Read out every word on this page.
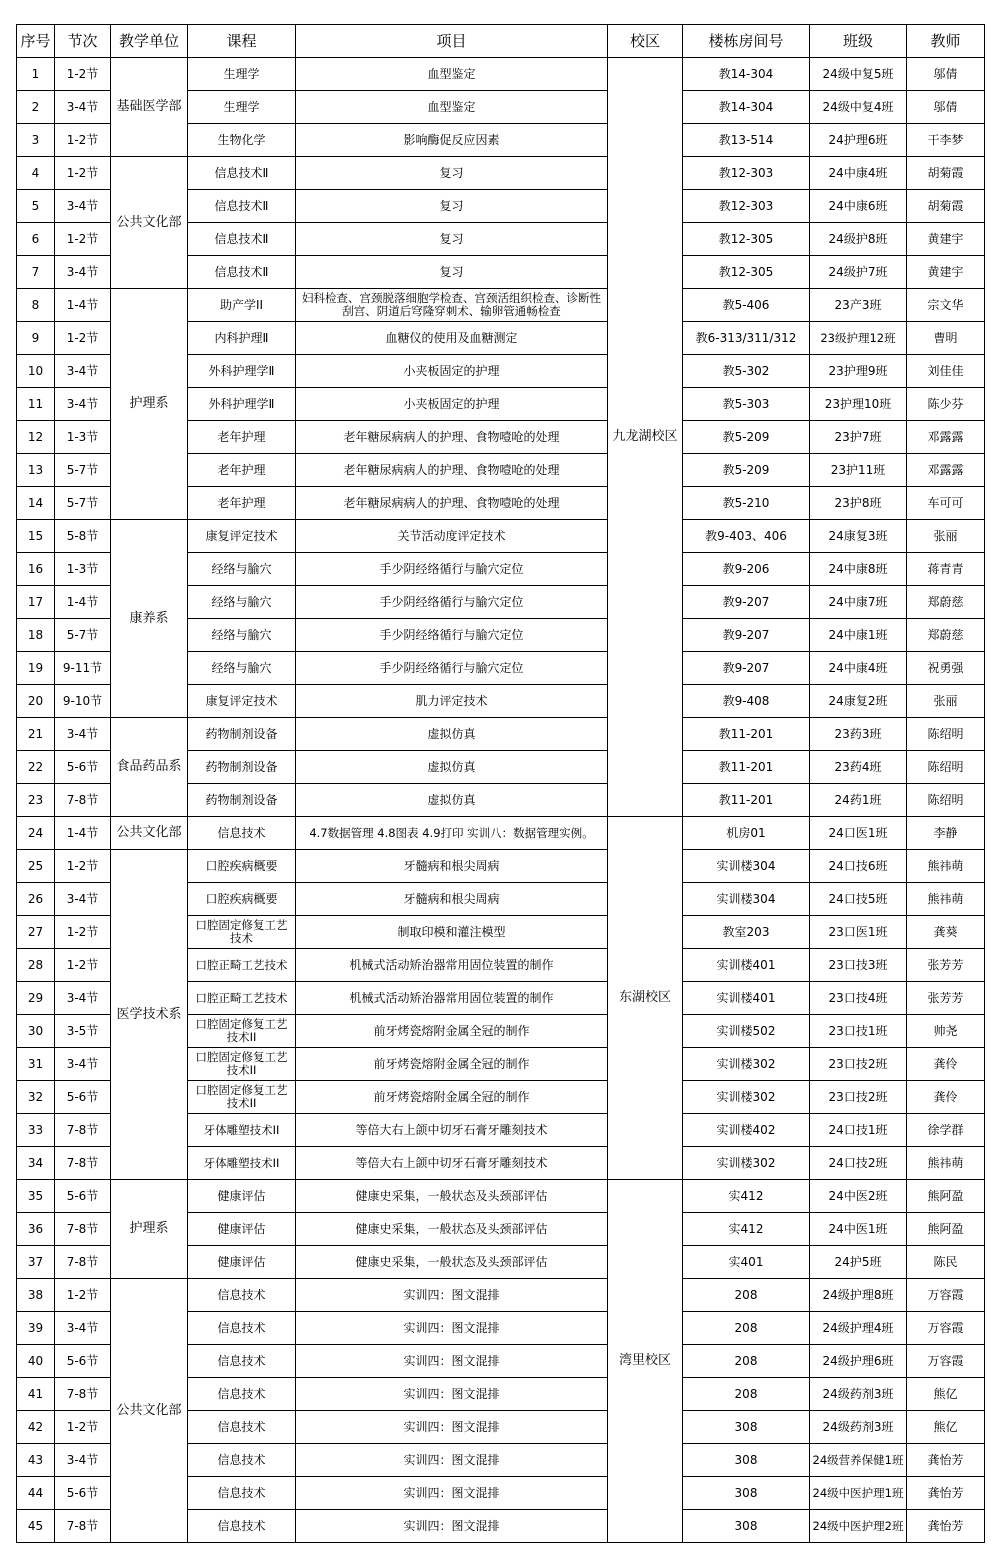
序号	节次	教学单位	课程	项目	校区	楼栋房间号	班级	教师
1	1-2节	基础医学部	生理学	血型鉴定	九龙湖校区	教14-304	24级中复5班	邬倩
2	3-4节		生理学	血型鉴定		教14-304	24级中复4班	邬倩
3	1-2节		生物化学	影响酶促反应因素		教13-514	24护理6班	干李梦
4	1-2节	公共文化部	信息技术Ⅱ	复习		教12-303	24中康4班	胡菊霞
5	3-4节		信息技术Ⅱ	复习		教12-303	24中康6班	胡菊霞
6	1-2节		信息技术Ⅱ	复习		教12-305	24级护8班	黄建宇
7	3-4节		信息技术Ⅱ	复习		教12-305	24级护7班	黄建宇
8	1-4节	护理系	助产学II	妇科检查、宫颈脱落细胞学检查、宫颈活组织检查、诊断性刮宫、阴道后穹隆穿刺术、输卵管通畅检查		教5-406	23产3班	宗文华
9	1-2节		内科护理Ⅱ	血糖仪的使用及血糖测定		教6-313/311/312	23级护理12班	曹明
10	3-4节		外科护理学Ⅱ	小夹板固定的护理		教5-302	23护理9班	刘佳佳
11	3-4节		外科护理学Ⅱ	小夹板固定的护理		教5-303	23护理10班	陈少芬
12	1-3节		老年护理	老年糖尿病病人的护理、食物噎呛的处理		教5-209	23护7班	邓露露
13	5-7节		老年护理	老年糖尿病病人的护理、食物噎呛的处理		教5-209	23护11班	邓露露
14	5-7节		老年护理	老年糖尿病病人的护理、食物噎呛的处理		教5-210	23护8班	车可可
15	5-8节	康养系	康复评定技术	关节活动度评定技术		教9-403、406	24康复3班	张丽
16	1-3节		经络与腧穴	手少阴经络循行与腧穴定位		教9-206	24中康8班	蒋青青
17	1-4节		经络与腧穴	手少阴经络循行与腧穴定位		教9-207	24中康7班	郑蔚慈
18	5-7节		经络与腧穴	手少阴经络循行与腧穴定位		教9-207	24中康1班	郑蔚慈
19	9-11节		经络与腧穴	手少阴经络循行与腧穴定位		教9-207	24中康4班	祝勇强
20	9-10节		康复评定技术	肌力评定技术		教9-408	24康复2班	张丽
21	3-4节	食品药品系	药物制剂设备	虚拟仿真		教11-201	23药3班	陈绍明
22	5-6节		药物制剂设备	虚拟仿真		教11-201	23药4班	陈绍明
23	7-8节		药物制剂设备	虚拟仿真		教11-201	24药1班	陈绍明
24	1-4节	公共文化部	信息技术	4.7数据管理 4.8图表 4.9打印 实训八：数据管理实例。	东湖校区	机房01	24口医1班	李静
25	1-2节	医学技术系	口腔疾病概要	牙髓病和根尖周病		实训楼304	24口技6班	熊祎萌
26	3-4节		口腔疾病概要	牙髓病和根尖周病		实训楼304	24口技5班	熊祎萌
27	1-2节		口腔固定修复工艺技术	制取印模和灌注模型		教室203	23口医1班	龚葵
28	1-2节		口腔正畸工艺技术	机械式活动矫治器常用固位装置的制作		实训楼401	23口技3班	张芳芳
29	3-4节		口腔正畸工艺技术	机械式活动矫治器常用固位装置的制作		实训楼401	23口技4班	张芳芳
30	3-5节		口腔固定修复工艺技术II	前牙烤瓷熔附金属全冠的制作		实训楼502	23口技1班	帅尧
31	3-4节		口腔固定修复工艺技术II	前牙烤瓷熔附金属全冠的制作		实训楼302	23口技2班	龚伶
32	5-6节		口腔固定修复工艺技术II	前牙烤瓷熔附金属全冠的制作		实训楼302	23口技2班	龚伶
33	7-8节		牙体雕塑技术II	等倍大右上颌中切牙石膏牙雕刻技术		实训楼402	24口技1班	徐学群
34	7-8节		牙体雕塑技术II	等倍大右上颌中切牙石膏牙雕刻技术		实训楼302	24口技2班	熊祎萌
35	5-6节	护理系	健康评估	健康史采集，一般状态及头颈部评估	湾里校区	实412	24中医2班	熊阿盈
36	7-8节		健康评估	健康史采集，一般状态及头颈部评估		实412	24中医1班	熊阿盈
37	7-8节		健康评估	健康史采集，一般状态及头颈部评估		实401	24护5班	陈民
38	1-2节	公共文化部	信息技术	实训四：图文混排		208	24级护理8班	万容霞
39	3-4节		信息技术	实训四：图文混排		208	24级护理4班	万容霞
40	5-6节		信息技术	实训四：图文混排		208	24级护理6班	万容霞
41	7-8节		信息技术	实训四：图文混排		208	24级药剂3班	熊亿
42	1-2节		信息技术	实训四：图文混排		308	24级药剂3班	熊亿
43	3-4节		信息技术	实训四：图文混排		308	24级营养保健1班	龚怡芳
44	5-6节		信息技术	实训四：图文混排		308	24级中医护理1班	龚怡芳
45	7-8节		信息技术	实训四：图文混排		308	24级中医护理2班	龚怡芳
